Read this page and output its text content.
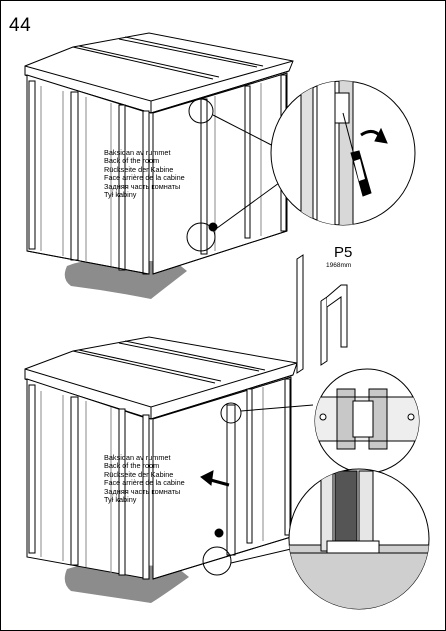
44
Baksidan av rummet
Back of the room
Rückseite der Kabine
Face arrière de la cabine
Задняя часть комнаты
Tył kabiny
Baksidan av rummet
Back of the room
Rückseite der Kabine
Face arrière de la cabine
Задняя часть комнаты
Tył kabiny
P5
1968mm
